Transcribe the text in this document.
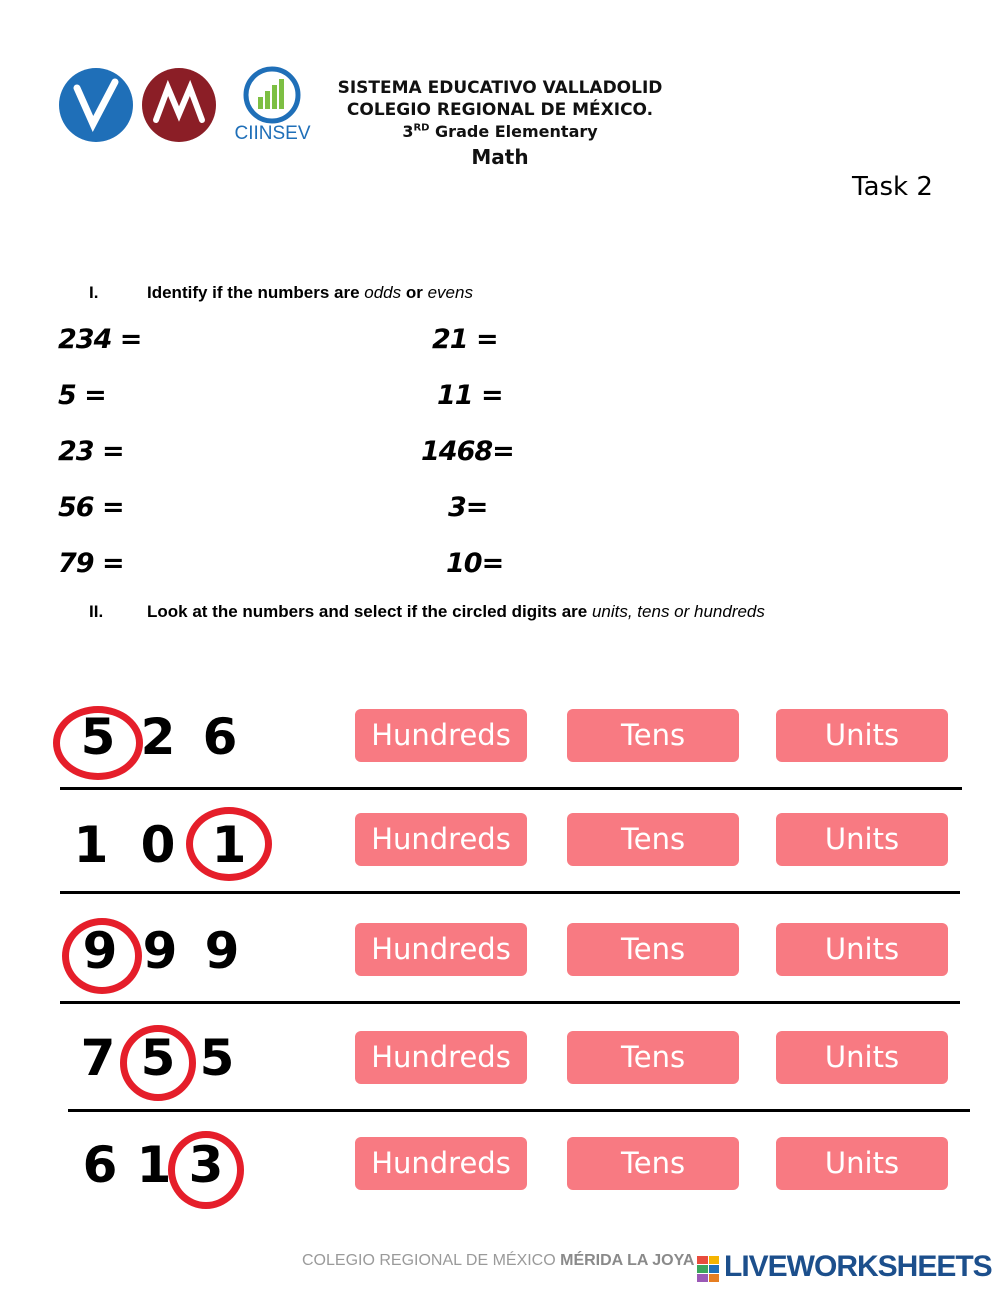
CIINSEV
SISTEMA EDUCATIVO VALLADOLID
COLEGIO REGIONAL DE MÉXICO.
3RD Grade Elementary
Math
Task 2
I.	Identify if the numbers are odds or evens
234 =
5 =
23 =
56 =
79 =
21 =
11 =
1468=
3=
10=
II.	Look at the numbers and select if the circled digits are units, tens or hundreds
5 2 6	Hundreds	Tens	Units
1 0 1	Hundreds	Tens	Units
9 9 9	Hundreds	Tens	Units
7 5 5	Hundreds	Tens	Units
6 1 3	Hundreds	Tens	Units
COLEGIO REGIONAL DE MÉXICO MÉRIDA LA JOYA LIVEWORKSHEETS
